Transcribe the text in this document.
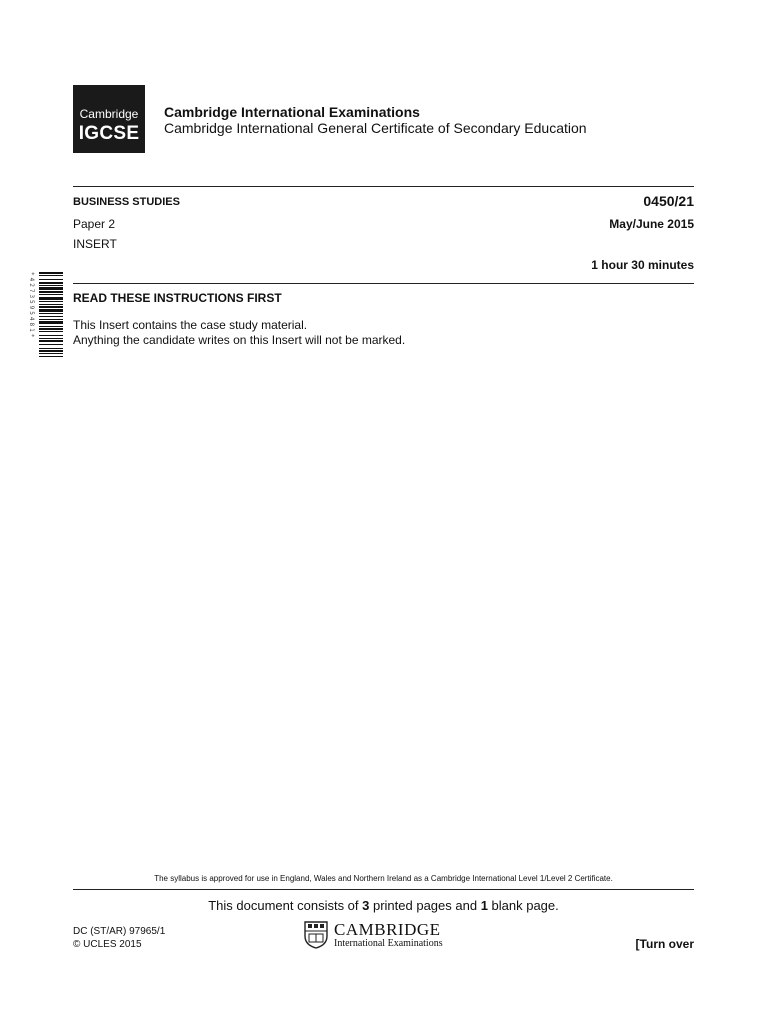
Cambridge
IGCSE
Cambridge International Examinations
Cambridge International General Certificate of Secondary Education
BUSINESS STUDIES	0450/21
Paper 2	May/June 2015
INSERT
1 hour 30 minutes
*4273595481*	READ THESE INSTRUCTIONS FIRST
This Insert contains the case study material.
Anything the candidate writes on this Insert will not be marked.
The syllabus is approved for use in England, Wales and Northern Ireland as a Cambridge International Level 1/Level 2 Certificate.
This document consists of 3 printed pages and 1 blank page.
DC (ST/AR) 97965/1
© UCLES 2015
CAMBRIDGE
International Examinations	[Turn over
